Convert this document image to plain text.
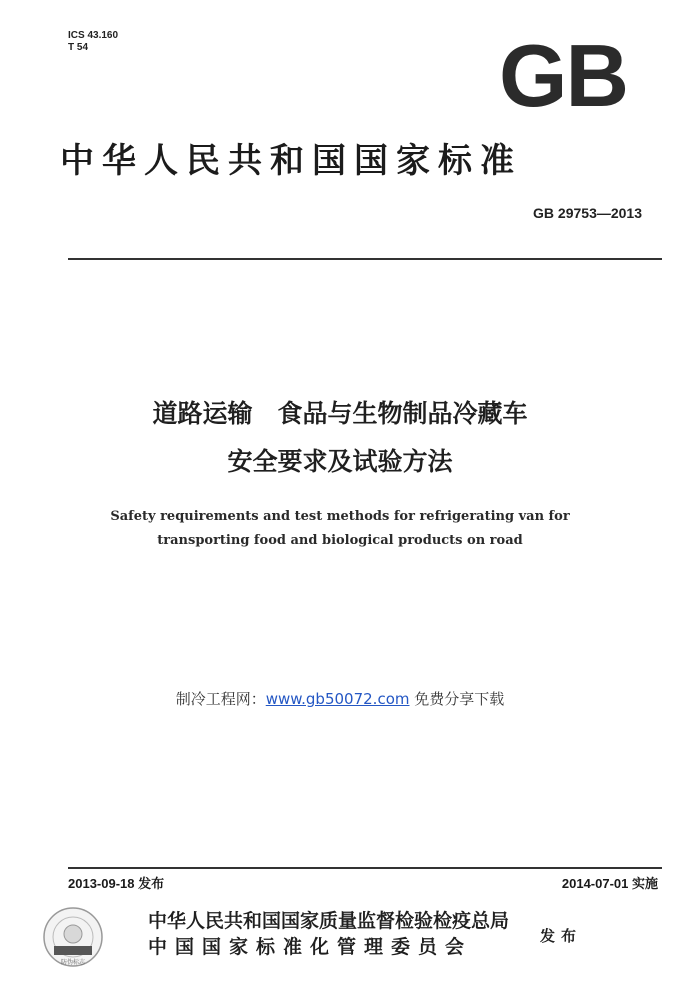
ICS 43.160
T 54	GB
中华人民共和国国家标准
GB 29753—2013
道路运输　食品与生物制品冷藏车
安全要求及试验方法
Safety requirements and test methods for refrigerating van for
transporting food and biological products on road
制冷工程网：www.gb50072.com 免费分享下载
2013-09-18 发布	2014-07-01 实施
防伪标志
中华人民共和国国家质量监督检验检疫总局
中国国家标准化管理委员会	发布
